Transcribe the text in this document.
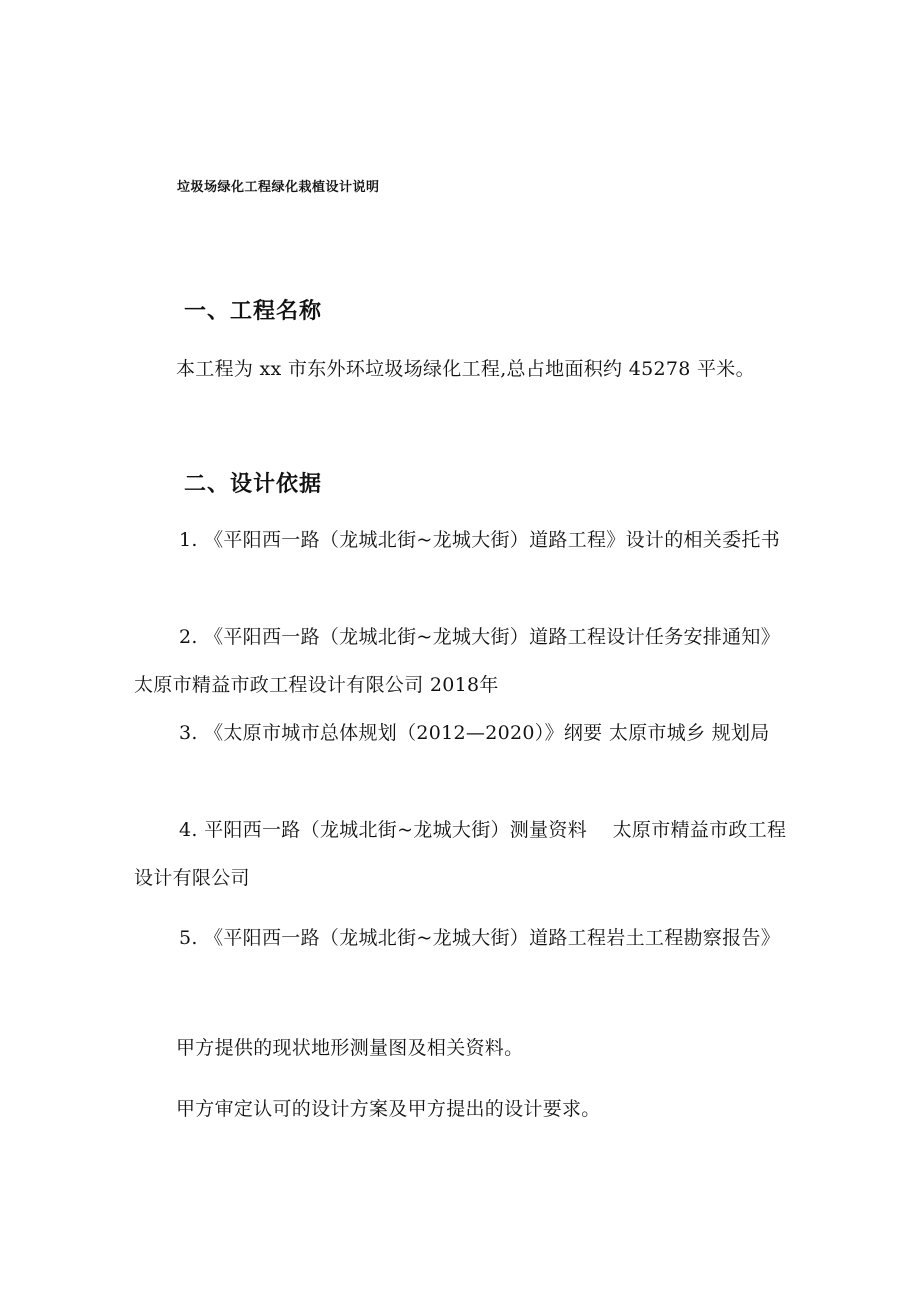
垃圾场绿化工程绿化栽植设计说明
一、工程名称

本工程为 xx 市东外环垃圾场绿化工程,总占地面积约 45278 平米。

二、设计依据

1. 《平阳西一路（龙城北街~龙城大街）道路工程》设计的相关委托书

2. 《平阳西一路（龙城北街~龙城大街）道路工程设计任务安排通知》 太原市精益市政工程设计有限公司 2018年

3. 《太原市城市总体规划（2012—2020）》纲要 太原市城乡 规划局

4. 平阳西一路（龙城北街~龙城大街）测量资料　 太原市精益市政工程设计有限公司

5. 《平阳西一路（龙城北街~龙城大街）道路工程岩土工程勘察报告》

甲方提供的现状地形测量图及相关资料。

甲方审定认可的设计方案及甲方提出的设计要求。
